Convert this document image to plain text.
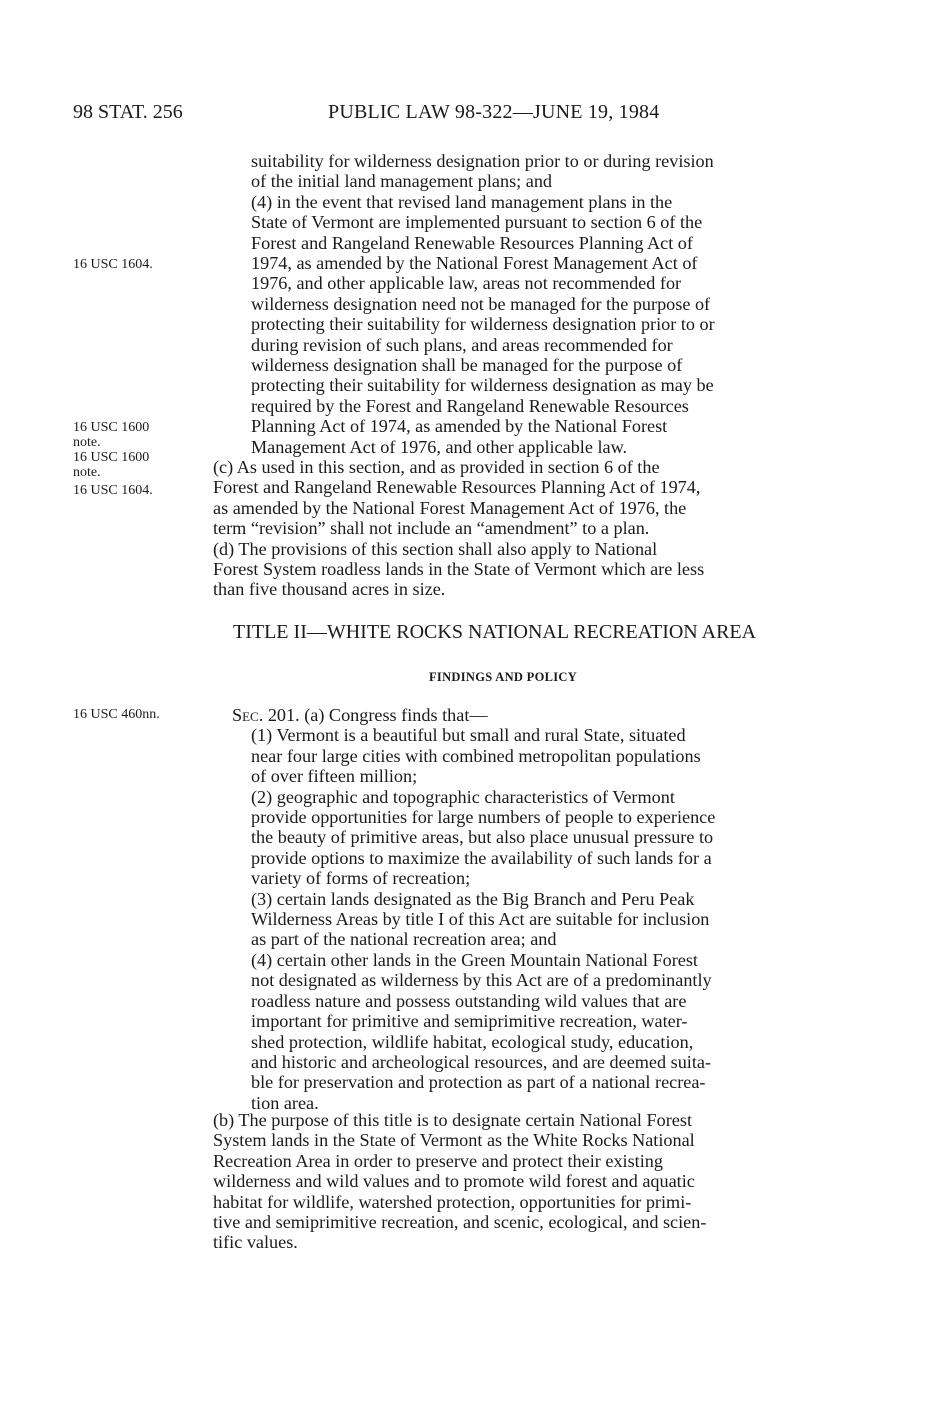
98 STAT. 256	PUBLIC LAW 98-322—JUNE 19, 1984
16 USC 1604.
16 USC 1600
note.
16 USC 1600
note.
16 USC 1604.
16 USC 460nn.
suitability for wilderness designation prior to or during revision
of the initial land management plans; and
(4) in the event that revised land management plans in the
State of Vermont are implemented pursuant to section 6 of the
Forest and Rangeland Renewable Resources Planning Act of
1974, as amended by the National Forest Management Act of
1976, and other applicable law, areas not recommended for
wilderness designation need not be managed for the purpose of
protecting their suitability for wilderness designation prior to or
during revision of such plans, and areas recommended for
wilderness designation shall be managed for the purpose of
protecting their suitability for wilderness designation as may be
required by the Forest and Rangeland Renewable Resources
Planning Act of 1974, as amended by the National Forest
Management Act of 1976, and other applicable law.
(c) As used in this section, and as provided in section 6 of the
Forest and Rangeland Renewable Resources Planning Act of 1974,
as amended by the National Forest Management Act of 1976, the
term “revision” shall not include an “amendment” to a plan.
(d) The provisions of this section shall also apply to National
Forest System roadless lands in the State of Vermont which are less
than five thousand acres in size.
TITLE II—WHITE ROCKS NATIONAL RECREATION AREA
FINDINGS AND POLICY
Sec. 201. (a) Congress finds that—
(1) Vermont is a beautiful but small and rural State, situated
near four large cities with combined metropolitan populations
of over fifteen million;
(2) geographic and topographic characteristics of Vermont
provide opportunities for large numbers of people to experience
the beauty of primitive areas, but also place unusual pressure to
provide options to maximize the availability of such lands for a
variety of forms of recreation;
(3) certain lands designated as the Big Branch and Peru Peak
Wilderness Areas by title I of this Act are suitable for inclusion
as part of the national recreation area; and
(4) certain other lands in the Green Mountain National Forest
not designated as wilderness by this Act are of a predominantly
roadless nature and possess outstanding wild values that are
important for primitive and semiprimitive recreation, water-
shed protection, wildlife habitat, ecological study, education,
and historic and archeological resources, and are deemed suita-
ble for preservation and protection as part of a national recrea-
tion area.
(b) The purpose of this title is to designate certain National Forest
System lands in the State of Vermont as the White Rocks National
Recreation Area in order to preserve and protect their existing
wilderness and wild values and to promote wild forest and aquatic
habitat for wildlife, watershed protection, opportunities for primi-
tive and semiprimitive recreation, and scenic, ecological, and scien-
tific values.
